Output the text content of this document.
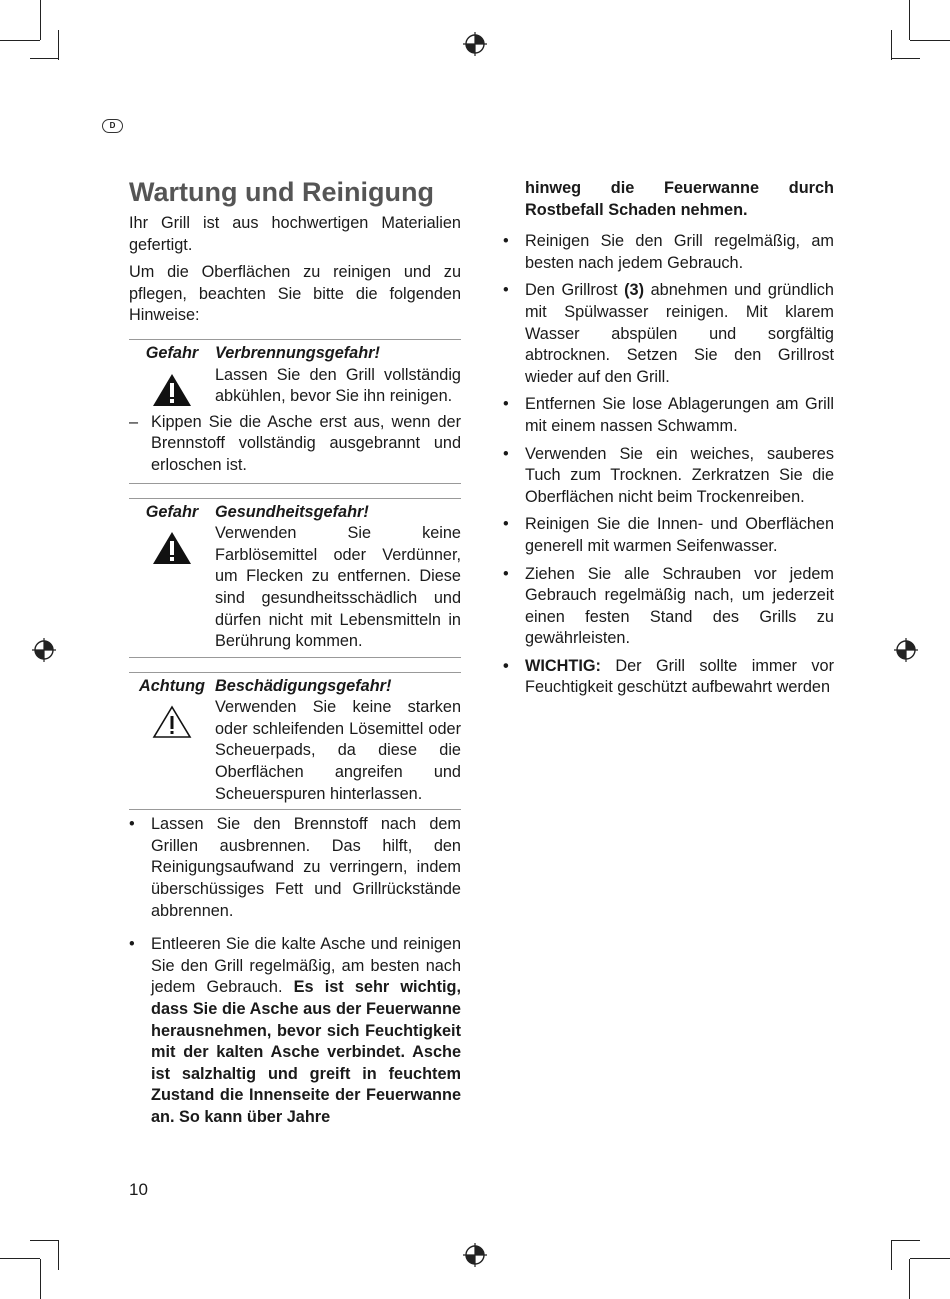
D
Wartung und Reinigung

Ihr Grill ist aus hochwertigen Materialien gefertigt.

Um die Oberflächen zu reinigen und zu pflegen, beachten Sie bitte die folgenden Hinweise:

Gefahr	Verbrennungsgefahr!
Lassen Sie den Grill vollständig abkühlen, bevor Sie ihn reinigen.
– Kippen Sie die Asche erst aus, wenn der Brennstoff vollständig ausgebrannt und erloschen ist.
Gefahr	Gesundheitsgefahr!
Verwenden Sie keine Farblösemittel oder Verdünner, um Flecken zu entfernen. Diese sind gesundheitsschädlich und dürfen nicht mit Lebensmitteln in Berührung kommen.
Achtung Beschädigungsgefahr!
Verwenden Sie keine starken oder schleifenden Lösemittel oder Scheuerpads, da diese die Oberflächen angreifen und Scheuerspuren hinterlassen.
• Lassen Sie den Brennstoff nach dem Grillen ausbrennen. Das hilft, den Reinigungsaufwand zu verringern, indem überschüssiges Fett und Grillrückstände abbrennen.
• Entleeren Sie die kalte Asche und reinigen Sie den Grill regelmäßig, am besten nach jedem Gebrauch. Es ist sehr wichtig, dass Sie die Asche aus der Feuerwanne herausnehmen, bevor sich Feuchtigkeit mit der kalten Asche verbindet. Asche ist salzhaltig und greift in feuchtem Zustand die Innenseite der Feuerwanne an. So kann über Jahre

hinweg die Feuerwanne durch Rostbefall Schaden nehmen.

• Reinigen Sie den Grill regelmäßig, am besten nach jedem Gebrauch.
• Den Grillrost (3) abnehmen und gründlich mit Spülwasser reinigen. Mit klarem Wasser abspülen und sorgfältig abtrocknen. Setzen Sie den Grillrost wieder auf den Grill.
• Entfernen Sie lose Ablagerungen am Grill mit einem nassen Schwamm.
• Verwenden Sie ein weiches, sauberes Tuch zum Trocknen. Zerkratzen Sie die Oberflächen nicht beim Trockenreiben.
• Reinigen Sie die Innen- und Oberflächen generell mit warmen Seifenwasser.
• Ziehen Sie alle Schrauben vor jedem Gebrauch regelmäßig nach, um jederzeit einen festen Stand des Grills zu gewährleisten.
• WICHTIG: Der Grill sollte immer vor Feuchtigkeit geschützt aufbewahrt werden
10
